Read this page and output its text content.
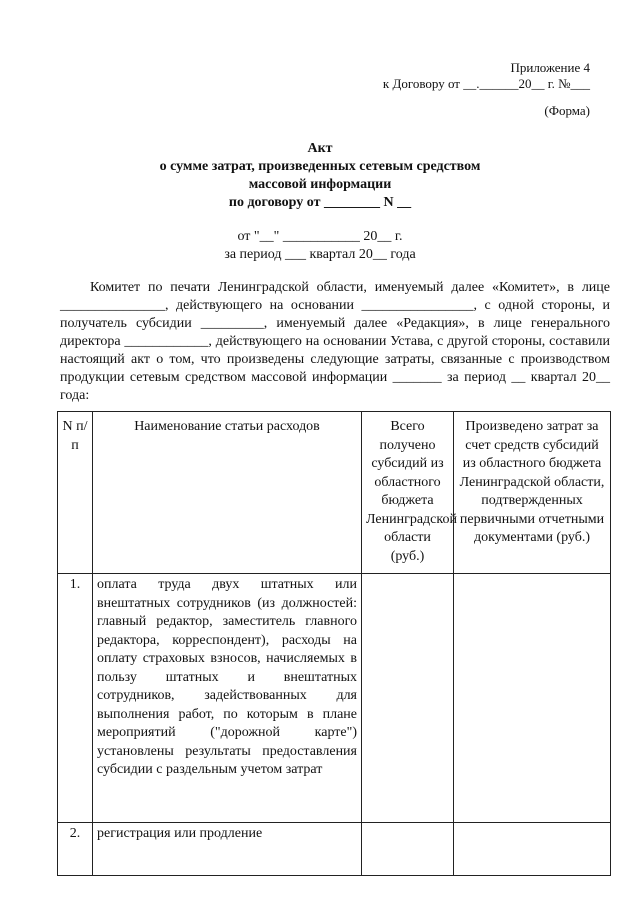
Приложение 4
к Договору от __.______20__ г. №___
(Форма)
Акт
о сумме затрат, произведенных сетевым средством
массовой информации
по договору от ________ N __
от "__" ___________ 20__ г.
за период ___ квартал 20__ года
Комитет по печати Ленинградской области, именуемый далее «Комитет», в лице _______________, действующего на основании ________________, с одной стороны, и получатель субсидии _________, именуемый далее «Редакция», в лице генерального директора ____________, действующего на основании Устава, с другой стороны, составили настоящий акт о том, что произведены следующие затраты, связанные с производством продукции сетевым средством массовой информации _______ за период __ квартал 20__ года:
N п/п	Наименование статьи расходов	Всего получено субсидий из областного бюджета Ленинградской области (руб.)	Произведено затрат за счет средств субсидий из областного бюджета Ленинградской области, подтвержденных первичными отчетными документами (руб.)
1.	оплата труда двух штатных или внештатных сотрудников (из должностей: главный редактор, заместитель главного редактора, корреспондент), расходы на оплату страховых взносов, начисляемых в пользу штатных и внештатных сотрудников, задействованных для выполнения работ, по которым в плане мероприятий ("дорожной карте") установлены результаты предоставления субсидии с раздельным учетом затрат		
2.	регистрация или продление		
